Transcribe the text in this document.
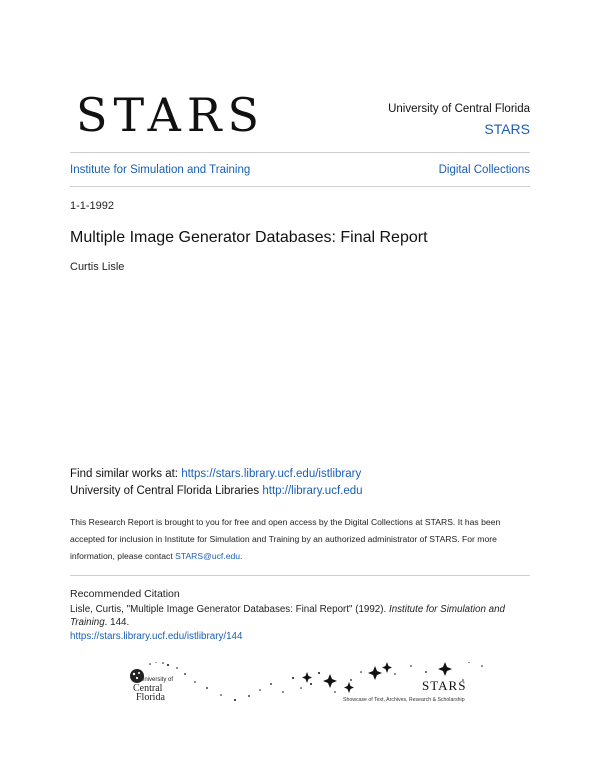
STARS	University of Central Florida
STARS
Institute for Simulation and Training	Digital Collections
1-1-1992
Multiple Image Generator Databases: Final Report
Curtis Lisle
Find similar works at: https://stars.library.ucf.edu/istlibrary
University of Central Florida Libraries http://library.ucf.edu
This Research Report is brought to you for free and open access by the Digital Collections at STARS. It has been accepted for inclusion in Institute for Simulation and Training by an authorized administrator of STARS. For more information, please contact STARS@ucf.edu.
Recommended Citation
Lisle, Curtis, "Multiple Image Generator Databases: Final Report" (1992). Institute for Simulation and Training. 144.
https://stars.library.ucf.edu/istlibrary/144
University of
Central
Florida
STARS
Showcase of Text, Archives, Research & Scholarship
